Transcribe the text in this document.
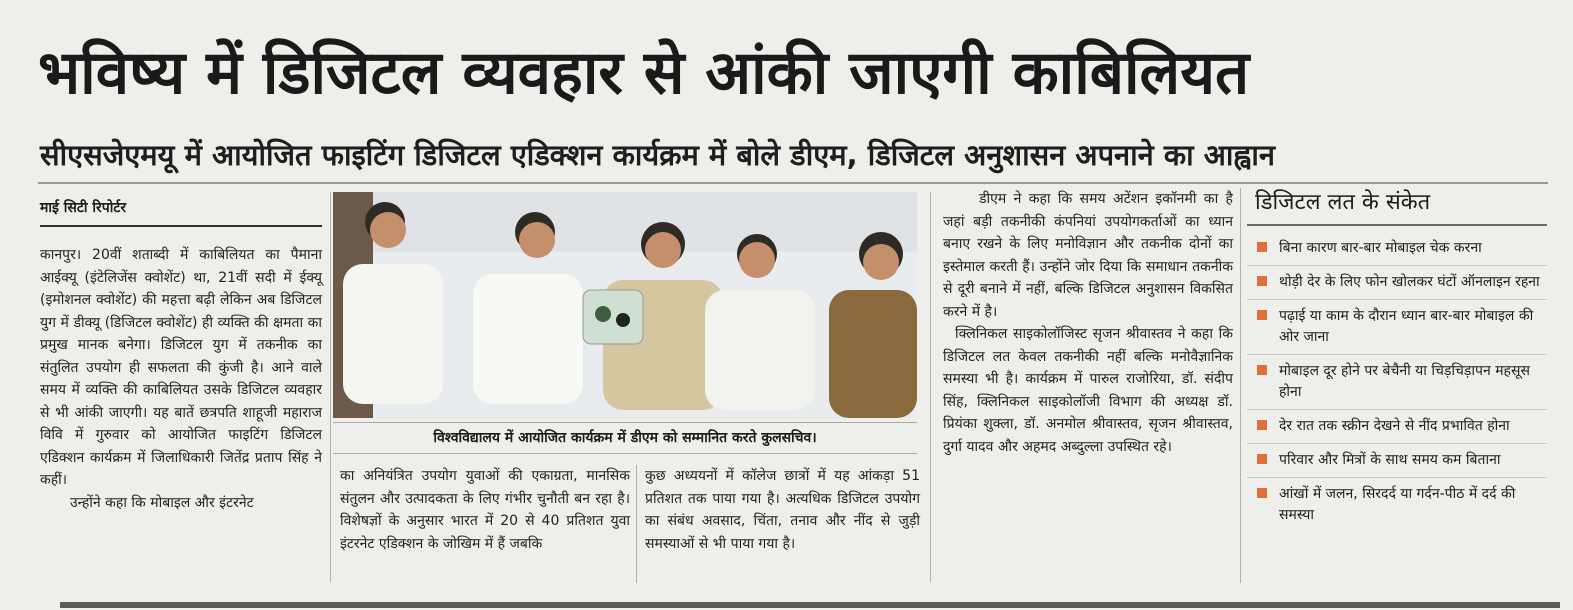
भविष्य में डिजिटल व्यवहार से आंकी जाएगी काबिलियत
सीएसजेएमयू में आयोजित फाइटिंग डिजिटल एडिक्शन कार्यक्रम में बोले डीएम, डिजिटल अनुशासन अपनाने का आह्वान
माई सिटी रिपोर्टर

कानपुर। 20वीं शताब्दी में काबिलियत का पैमाना आईक्यू (इंटेलिजेंस क्वोशेंट) था, 21वीं सदी में ईक्यू (इमोशनल क्वोशेंट) की महत्ता बढ़ी लेकिन अब डिजिटल युग में डीक्यू (डिजिटल क्वोशेंट) ही व्यक्ति की क्षमता का प्रमुख मानक बनेगा। डिजिटल युग में तकनीक का संतुलित उपयोग ही सफलता की कुंजी है। आने वाले समय में व्यक्ति की काबिलियत उसके डिजिटल व्यवहार से भी आंकी जाएगी। यह बातें छत्रपति शाहूजी महाराज विवि में गुरुवार को आयोजित फाइटिंग डिजिटल एडिक्शन कार्यक्रम में जिलाधिकारी जितेंद्र प्रताप सिंह ने कहीं।

उन्होंने कहा कि मोबाइल और इंटरनेट

विश्वविद्यालय में आयोजित कार्यक्रम में डीएम को सम्मानित करते कुलसचिव।

का अनियंत्रित उपयोग युवाओं की एकाग्रता, मानसिक संतुलन और उत्पादकता के लिए गंभीर चुनौती बन रहा है। विशेषज्ञों के अनुसार भारत में 20 से 40 प्रतिशत युवा इंटरनेट एडिक्शन के जोखिम में हैं जबकि

कुछ अध्ययनों में कॉलेज छात्रों में यह आंकड़ा 51 प्रतिशत तक पाया गया है। अत्यधिक डिजिटल उपयोग का संबंध अवसाद, चिंता, तनाव और नींद से जुड़ी समस्याओं से भी पाया गया है।

डीएम ने कहा कि समय अटेंशन इकॉनमी का है जहां बड़ी तकनीकी कंपनियां उपयोगकर्ताओं का ध्यान बनाए रखने के लिए मनोविज्ञान और तकनीक दोनों का इस्तेमाल करती हैं। उन्होंने जोर दिया कि समाधान तकनीक से दूरी बनाने में नहीं, बल्कि डिजिटल अनुशासन विकसित करने में है।

क्लिनिकल साइकोलॉजिस्ट सृजन श्रीवास्तव ने कहा कि डिजिटल लत केवल तकनीकी नहीं बल्कि मनोवैज्ञानिक समस्या भी है। कार्यक्रम में पारुल राजोरिया, डॉ. संदीप सिंह, क्लिनिकल साइकोलॉजी विभाग की अध्यक्ष डॉ. प्रियंका शुक्ला, डॉ. अनमोल श्रीवास्तव, सृजन श्रीवास्तव, दुर्गा यादव और अहमद अब्दुल्ला उपस्थित रहे।

डिजिटल लत के संकेत
बिना कारण बार-बार मोबाइल चेक करना
थोड़ी देर के लिए फोन खोलकर घंटों ऑनलाइन रहना
पढ़ाई या काम के दौरान ध्यान बार-बार मोबाइल की ओर जाना
मोबाइल दूर होने पर बेचैनी या चिड़चिड़ापन महसूस होना
देर रात तक स्क्रीन देखने से नींद प्रभावित होना
परिवार और मित्रों के साथ समय कम बिताना
आंखों में जलन, सिरदर्द या गर्दन-पीठ में दर्द की समस्या
